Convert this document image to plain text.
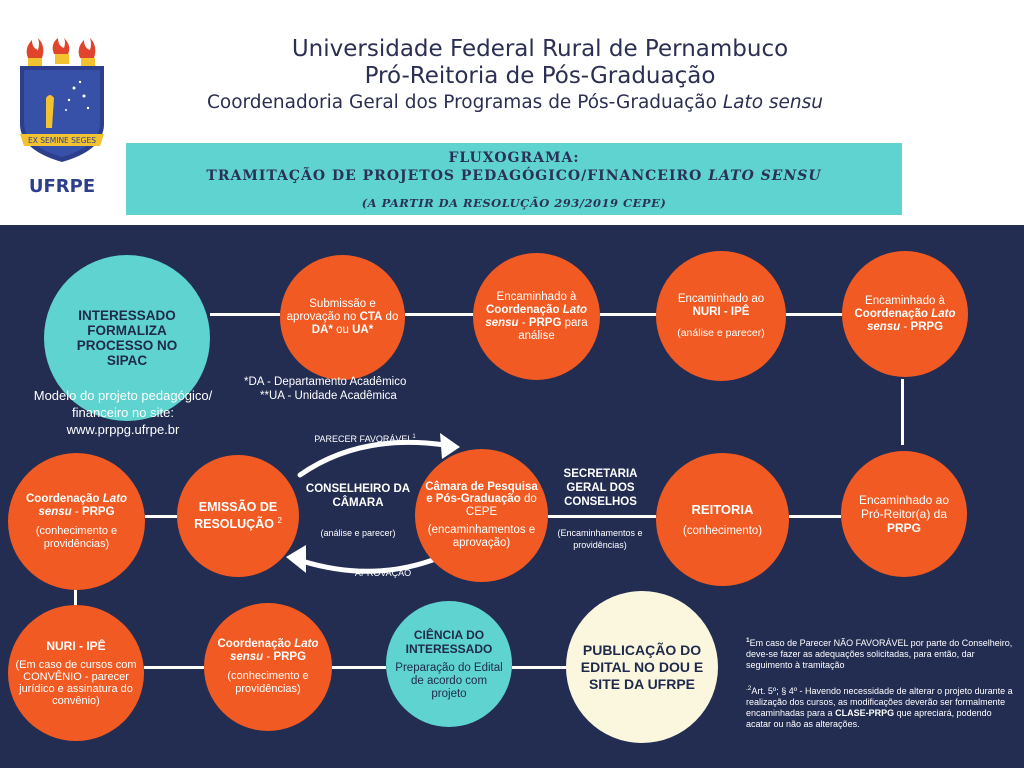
EX SEMINE SEGES
UFRPE
Universidade Federal Rural de Pernambuco
Pró-Reitoria de Pós-Graduação
Coordenadoria Geral dos Programas de Pós-Graduação Lato sensu
FLUXOGRAMA:
TRAMITAÇÃO DE PROJETOS PEDAGÓGICO/FINANCEIRO LATO SENSU
(A PARTIR DA RESOLUÇÃO 293/2019 CEPE)
INTERESSADO FORMALIZA PROCESSO NO SIPAC
Submissão e aprovação no CTA do DA* ou UA*
Encaminhado à Coordenação Lato sensu - PRPG para análise
Encaminhado ao
NURI - IPÊ
(análise e parecer)
Encaminhado à Coordenação Lato sensu - PRPG
Modelo do projeto pedagógico/ financeiro no site: www.prppg.ufrpe.br
*DA - Departamento Acadêmico
**UA - Unidade Acadêmica
Encaminhado ao Pró-Reitor(a) da PRPG
REITORIA
(conhecimento)
Câmara de Pesquisa e Pós-Graduação do CEPE
(encaminhamentos e aprovação)
EMISSÃO DE RESOLUÇÃO $^2$
Coordenação Lato sensu - PRPG
(conhecimento e providências)
SECRETARIA GERAL DOS CONSELHOS
(Encaminhamentos e providências)
CONSELHEIRO DA CÂMARA
(análise e parecer)
PARECER FAVORÁVEL$^1$
APROVAÇÃO
NURI - IPÊ
(Em caso de cursos com CONVÊNIO - parecer jurídico e assinatura do convênio)
Coordenação Lato sensu - PRPG
(conhecimento e providências)
CIÊNCIA DO INTERESSADO
Preparação do Edital de acordo com projeto
PUBLICAÇÃO DO EDITAL NO DOU E SITE DA UFRPE
$^1$Em caso de Parecer NÃO FAVORÁVEL por parte do Conselheiro, deve-se fazer as adequações solicitadas, para então, dar seguimento à tramitação
$^{.2}$Art. 5º; § 4º - Havendo necessidade de alterar o projeto durante a realização dos cursos, as modificações deverão ser formalmente encaminhadas para a CLASE-PRPG que apreciará, podendo acatar ou não as alterações.
